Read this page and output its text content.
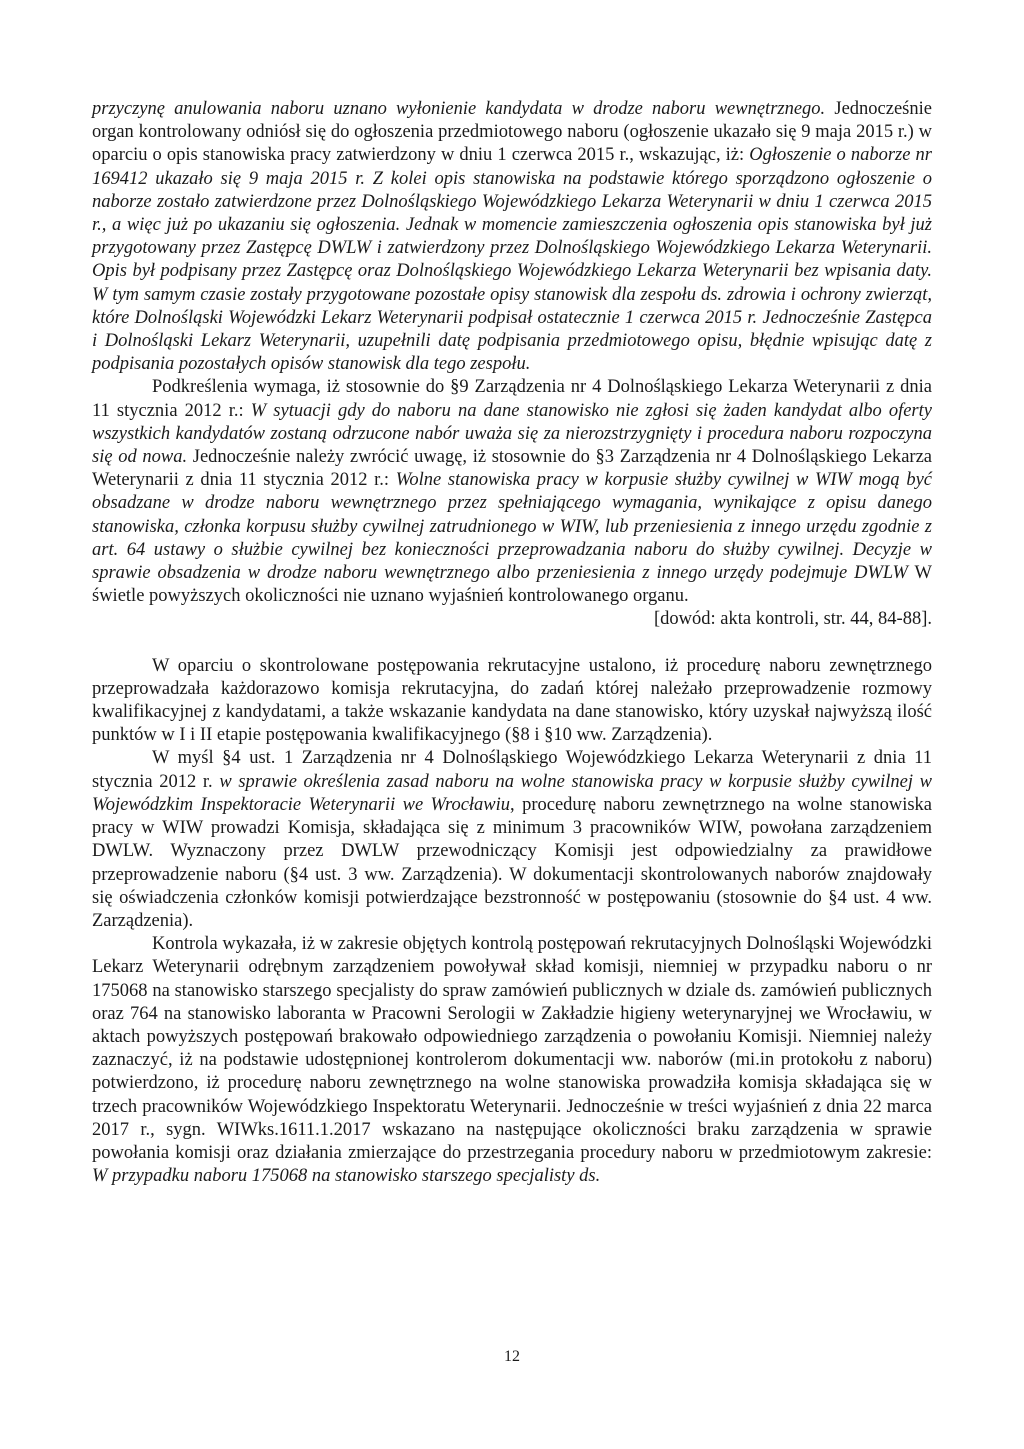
przyczynę anulowania naboru uznano wyłonienie kandydata w drodze naboru wewnętrznego. Jednocześnie organ kontrolowany odniósł się do ogłoszenia przedmiotowego naboru (ogłoszenie ukazało się 9 maja 2015 r.) w oparciu o opis stanowiska pracy zatwierdzony w dniu 1 czerwca 2015 r., wskazując, iż: Ogłoszenie o naborze nr 169412 ukazało się 9 maja 2015 r. Z kolei opis stanowiska na podstawie którego sporządzono ogłoszenie o naborze zostało zatwierdzone przez Dolnośląskiego Wojewódzkiego Lekarza Weterynarii w dniu 1 czerwca 2015 r., a więc już po ukazaniu się ogłoszenia. Jednak w momencie zamieszczenia ogłoszenia opis stanowiska był już przygotowany przez Zastępcę DWLW i zatwierdzony przez Dolnośląskiego Wojewódzkiego Lekarza Weterynarii. Opis był podpisany przez Zastępcę oraz Dolnośląskiego Wojewódzkiego Lekarza Weterynarii bez wpisania daty. W tym samym czasie zostały przygotowane pozostałe opisy stanowisk dla zespołu ds. zdrowia i ochrony zwierząt, które Dolnośląski Wojewódzki Lekarz Weterynarii podpisał ostatecznie 1 czerwca 2015 r. Jednocześnie Zastępca i Dolnośląski Lekarz Weterynarii, uzupełnili datę podpisania przedmiotowego opisu, błędnie wpisując datę z podpisania pozostałych opisów stanowisk dla tego zespołu.

Podkreślenia wymaga, iż stosownie do §9 Zarządzenia nr 4 Dolnośląskiego Lekarza Weterynarii z dnia 11 stycznia 2012 r.: W sytuacji gdy do naboru na dane stanowisko nie zgłosi się żaden kandydat albo oferty wszystkich kandydatów zostaną odrzucone nabór uważa się za nierozstrzygnięty i procedura naboru rozpoczyna się od nowa. Jednocześnie należy zwrócić uwagę, iż stosownie do §3 Zarządzenia nr 4 Dolnośląskiego Lekarza Weterynarii z dnia 11 stycznia 2012 r.: Wolne stanowiska pracy w korpusie służby cywilnej w WIW mogą być obsadzane w drodze naboru wewnętrznego przez spełniającego wymagania, wynikające z opisu danego stanowiska, członka korpusu służby cywilnej zatrudnionego w WIW, lub przeniesienia z innego urzędu zgodnie z art. 64 ustawy o służbie cywilnej bez konieczności przeprowadzania naboru do służby cywilnej. Decyzje w sprawie obsadzenia w drodze naboru wewnętrznego albo przeniesienia z innego urzędy podejmuje DWLW W świetle powyższych okoliczności nie uznano wyjaśnień kontrolowanego organu.

[dowód: akta kontroli, str. 44, 84-88].

W oparciu o skontrolowane postępowania rekrutacyjne ustalono, iż procedurę naboru zewnętrznego przeprowadzała każdorazowo komisja rekrutacyjna, do zadań której należało przeprowadzenie rozmowy kwalifikacyjnej z kandydatami, a także wskazanie kandydata na dane stanowisko, który uzyskał najwyższą ilość punktów w I i II etapie postępowania kwalifikacyjnego (§8 i §10 ww. Zarządzenia).

W myśl §4 ust. 1 Zarządzenia nr 4 Dolnośląskiego Wojewódzkiego Lekarza Weterynarii z dnia 11 stycznia 2012 r. w sprawie określenia zasad naboru na wolne stanowiska pracy w korpusie służby cywilnej w Wojewódzkim Inspektoracie Weterynarii we Wrocławiu, procedurę naboru zewnętrznego na wolne stanowiska pracy w WIW prowadzi Komisja, składająca się z minimum 3 pracowników WIW, powołana zarządzeniem DWLW. Wyznaczony przez DWLW przewodniczący Komisji jest odpowiedzialny za prawidłowe przeprowadzenie naboru (§4 ust. 3 ww. Zarządzenia). W dokumentacji skontrolowanych naborów znajdowały się oświadczenia członków komisji potwierdzające bezstronność w postępowaniu (stosownie do §4 ust. 4 ww. Zarządzenia).

Kontrola wykazała, iż w zakresie objętych kontrolą postępowań rekrutacyjnych Dolnośląski Wojewódzki Lekarz Weterynarii odrębnym zarządzeniem powoływał skład komisji, niemniej w przypadku naboru o nr 175068 na stanowisko starszego specjalisty do spraw zamówień publicznych w dziale ds. zamówień publicznych oraz 764 na stanowisko laboranta w Pracowni Serologii w Zakładzie higieny weterynaryjnej we Wrocławiu, w aktach powyższych postępowań brakowało odpowiedniego zarządzenia o powołaniu Komisji. Niemniej należy zaznaczyć, iż na podstawie udostępnionej kontrolerom dokumentacji ww. naborów (mi.in protokołu z naboru) potwierdzono, iż procedurę naboru zewnętrznego na wolne stanowiska prowadziła komisja składająca się w trzech pracowników Wojewódzkiego Inspektoratu Weterynarii. Jednocześnie w treści wyjaśnień z dnia 22 marca 2017 r., sygn. WIWks.1611.1.2017 wskazano na następujące okoliczności braku zarządzenia w sprawie powołania komisji oraz działania zmierzające do przestrzegania procedury naboru w przedmiotowym zakresie: W przypadku naboru 175068 na stanowisko starszego specjalisty ds.

12
